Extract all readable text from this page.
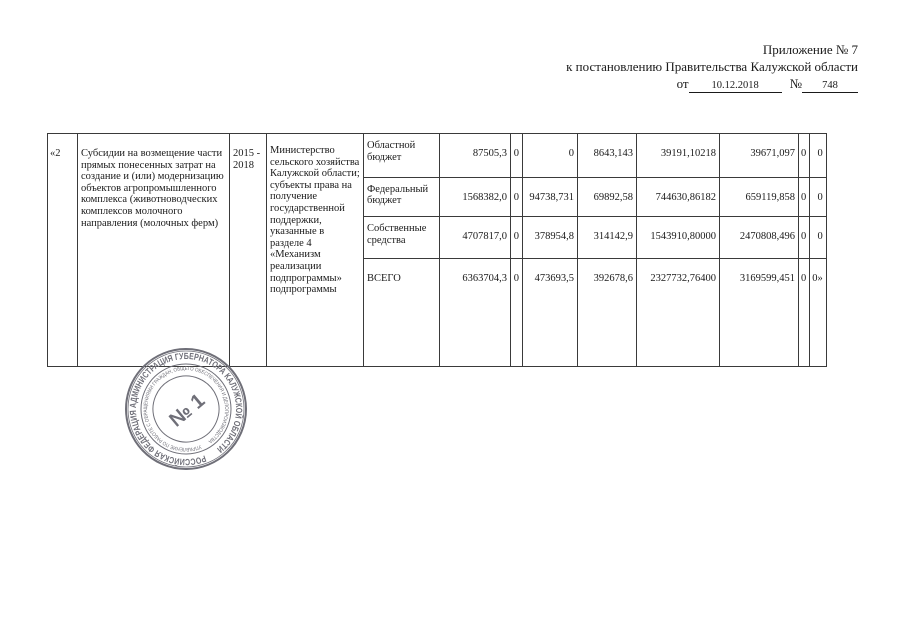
Приложение № 7
к постановлению Правительства Калужской области
от 10.12.2018 № 748
«2	Субсидии на возмещение части прямых понесенных затрат на создание и (или) модернизацию объектов агропромышленного комплекса (животноводческих комплексов молочного направления (молочных ферм)	2015 - 2018	Министерство сельского хозяйства Калужской области; субъекты права на получение государственной поддержки, указанные в разделе 4 «Механизм реализации подпрограммы» подпрограммы	Областной бюджет	87505,3	0	0	8643,143	39191,10218	39671,097	0	0
				Федеральный бюджет	1568382,0	0	94738,731	69892,58	744630,86182	659119,858	0	0
				Собственные средства	4707817,0	0	378954,8	314142,9	1543910,80000	2470808,496	0	0
				ВСЕГО	6363704,3	0	473693,5	392678,6	2327732,76400	3169599,451	0	0»
РОССИЙСКАЯ ФЕДЕРАЦИЯ АДМИНИСТРАЦИЯ ГУБЕРНАТОРА КАЛУЖСКОЙ ОБЛАСТИ
УПРАВЛЕНИЕ ПО РАБОТЕ С ОБРАЩЕНИЯМИ ГРАЖДАН, ОБЩЕГО ОБЕСПЕЧЕНИЯ И ДЕЛОПРОИЗВОДСТВА
№ 1
